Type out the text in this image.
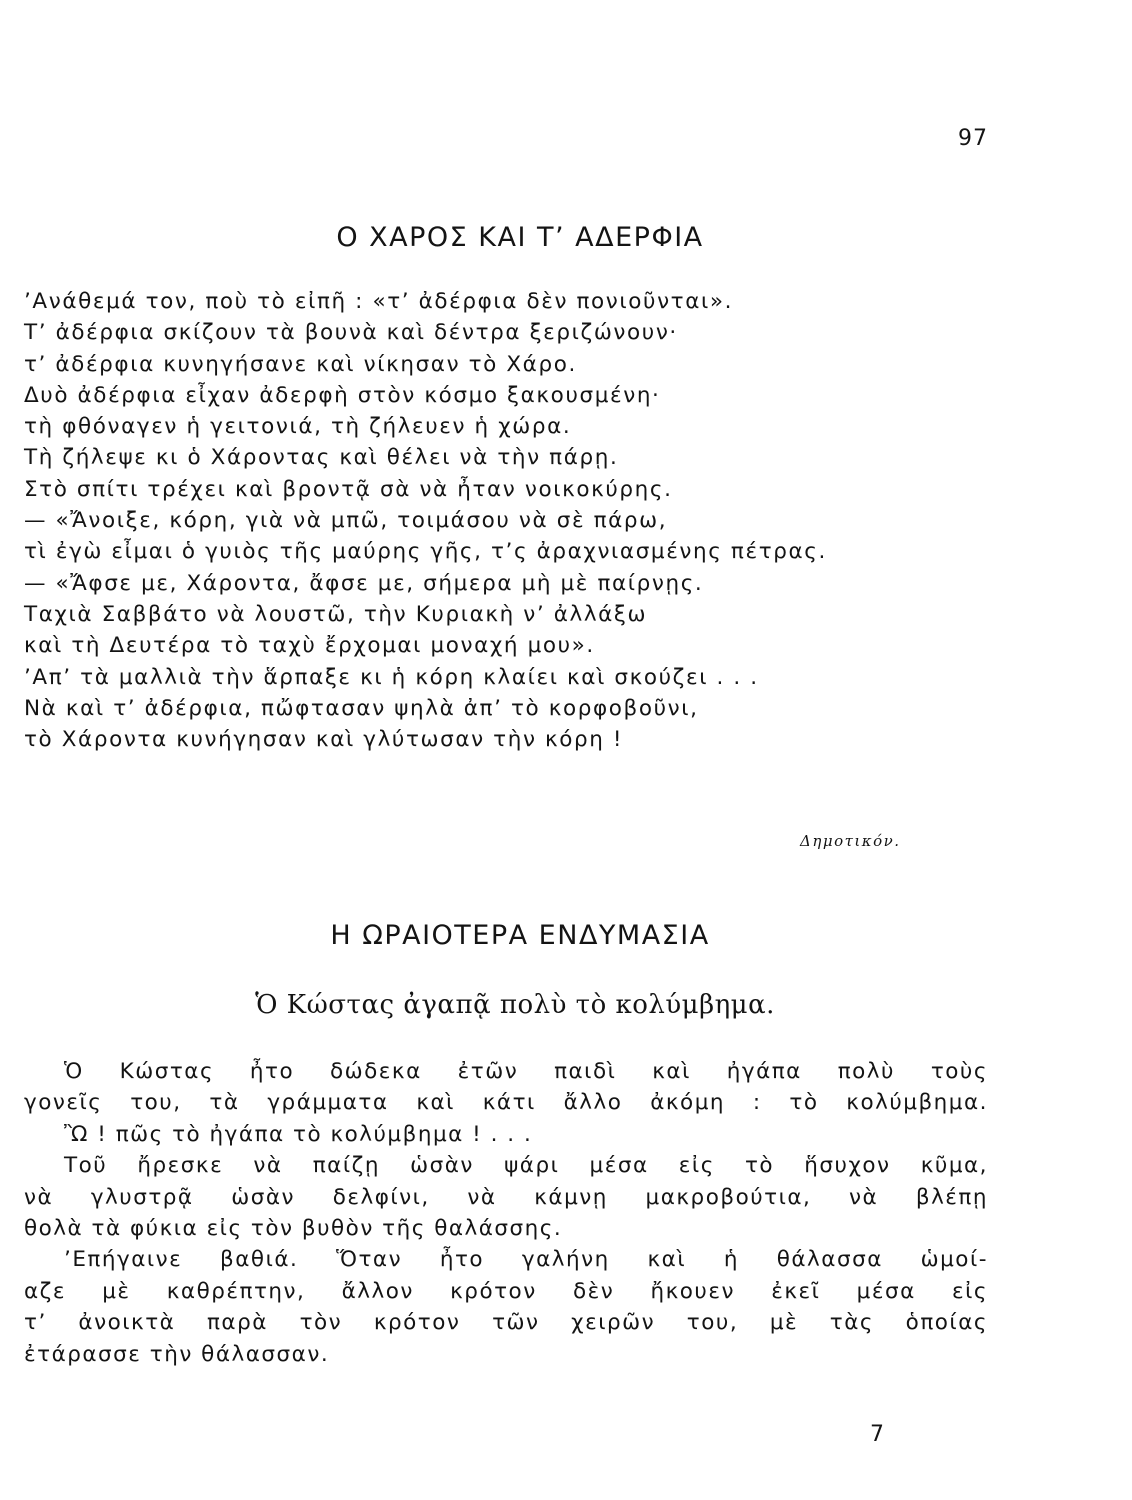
97
Ο ΧΑΡΟΣ ΚΑΙ Τ’ ΑΔΕΡΦΙΑ
’Ανάθεμά τον, ποὺ τὸ εἰπῆ : «τ’ ἀδέρφια δὲν πονιοῦνται».
Τ’ ἀδέρφια σκίζουν τὰ βουνὰ καὶ δέντρα ξεριζώνουν·
τ’ ἀδέρφια κυνηγήσανε καὶ νίκησαν τὸ Χάρο.
Δυὸ ἀδέρφια εἶχαν ἀδερφὴ στὸν κόσμο ξακουσμένη·
τὴ φθόναγεν ἡ γειτονιά, τὴ ζήλευεν ἡ χώρα.
Τὴ ζήλεψε κι ὁ Χάροντας καὶ θέλει νὰ τὴν πάρῃ.
Στὸ σπίτι τρέχει καὶ βροντᾷ σὰ νὰ ἦταν νοικοκύρης.
— «Ἄνοιξε, κόρη, γιὰ νὰ μπῶ, τοιμάσου νὰ σὲ πάρω,
τὶ ἐγὼ εἶμαι ὁ γυιὸς τῆς μαύρης γῆς, τ’ς ἀραχνιασμένης πέτρας.
— «Ἄφσε με, Χάροντα, ἄφσε με, σήμερα μὴ μὲ παίρνῃς.
Ταχιὰ Σαββάτο νὰ λουστῶ, τὴν Κυριακὴ ν’ ἀλλάξω
καὶ τὴ Δευτέρα τὸ ταχὺ ἔρχομαι μοναχή μου».
’Απ’ τὰ μαλλιὰ τὴν ἅρπαξε κι ἡ κόρη κλαίει καὶ σκούζει . . .
Νὰ καὶ τ’ ἀδέρφια, πὤφτασαν ψηλὰ ἀπ’ τὸ κορφοβοῦνι,
τὸ Χάροντα κυνήγησαν καὶ γλύτωσαν τὴν κόρη !
Δημοτικόν.
Η ΩΡΑΙΟΤΕΡΑ ΕΝΔΥΜΑΣΙΑ
Ὁ Κώστας ἀγαπᾷ πολὺ τὸ κολύμβημα.
Ὁ Κώστας ἦτο δώδεκα ἐτῶν παιδὶ καὶ ἠγάπα πολὺ τοὺς
γονεῖς του, τὰ γράμματα καὶ κάτι ἄλλο ἀκόμη : τὸ κολύμβημα.
Ὢ ! πῶς τὸ ἠγάπα τὸ κολύμβημα ! . . .
Τοῦ ἤρεσκε νὰ παίζῃ ὡσὰν ψάρι μέσα εἰς τὸ ἥσυχον κῦμα,
νὰ γλυστρᾷ ὡσὰν δελφίνι, νὰ κάμνῃ μακροβούτια, νὰ βλέπῃ
θολὰ τὰ φύκια εἰς τὸν βυθὸν τῆς θαλάσσης.
’Επήγαινε βαθιά. Ὅταν ἦτο γαλήνη καὶ ἡ θάλασσα ὡμοί-
αζε μὲ καθρέπτην, ἄλλον κρότον δὲν ἤκουεν ἐκεῖ μέσα εἰς
τ’ ἀνοικτὰ παρὰ τὸν κρότον τῶν χειρῶν του, μὲ τὰς ὁποίας
ἐτάρασσε τὴν θάλασσαν.
7
